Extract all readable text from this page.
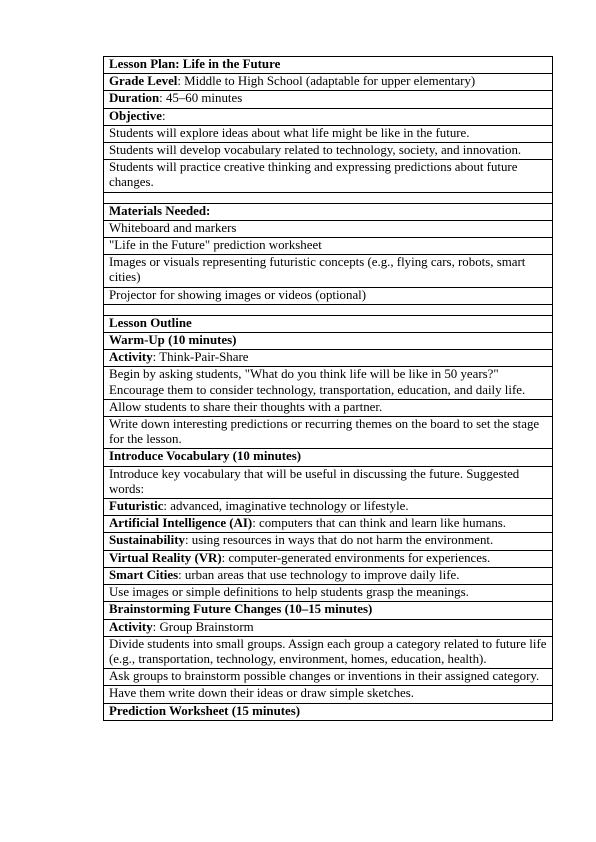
Lesson Plan: Life in the Future
Grade Level: Middle to High School (adaptable for upper elementary)
Duration: 45–60 minutes
Objective:
Students will explore ideas about what life might be like in the future.
Students will develop vocabulary related to technology, society, and innovation.
Students will practice creative thinking and expressing predictions about future changes.

Materials Needed:
Whiteboard and markers
"Life in the Future" prediction worksheet
Images or visuals representing futuristic concepts (e.g., flying cars, robots, smart cities)
Projector for showing images or videos (optional)

Lesson Outline
Warm-Up (10 minutes)
Activity: Think-Pair-Share
Begin by asking students, "What do you think life will be like in 50 years?" Encourage them to consider technology, transportation, education, and daily life.
Allow students to share their thoughts with a partner.
Write down interesting predictions or recurring themes on the board to set the stage for the lesson.
Introduce Vocabulary (10 minutes)
Introduce key vocabulary that will be useful in discussing the future. Suggested words:
Futuristic: advanced, imaginative technology or lifestyle.
Artificial Intelligence (AI): computers that can think and learn like humans.
Sustainability: using resources in ways that do not harm the environment.
Virtual Reality (VR): computer-generated environments for experiences.
Smart Cities: urban areas that use technology to improve daily life.
Use images or simple definitions to help students grasp the meanings.
Brainstorming Future Changes (10–15 minutes)
Activity: Group Brainstorm
Divide students into small groups. Assign each group a category related to future life (e.g., transportation, technology, environment, homes, education, health).
Ask groups to brainstorm possible changes or inventions in their assigned category.
Have them write down their ideas or draw simple sketches.
Prediction Worksheet (15 minutes)
